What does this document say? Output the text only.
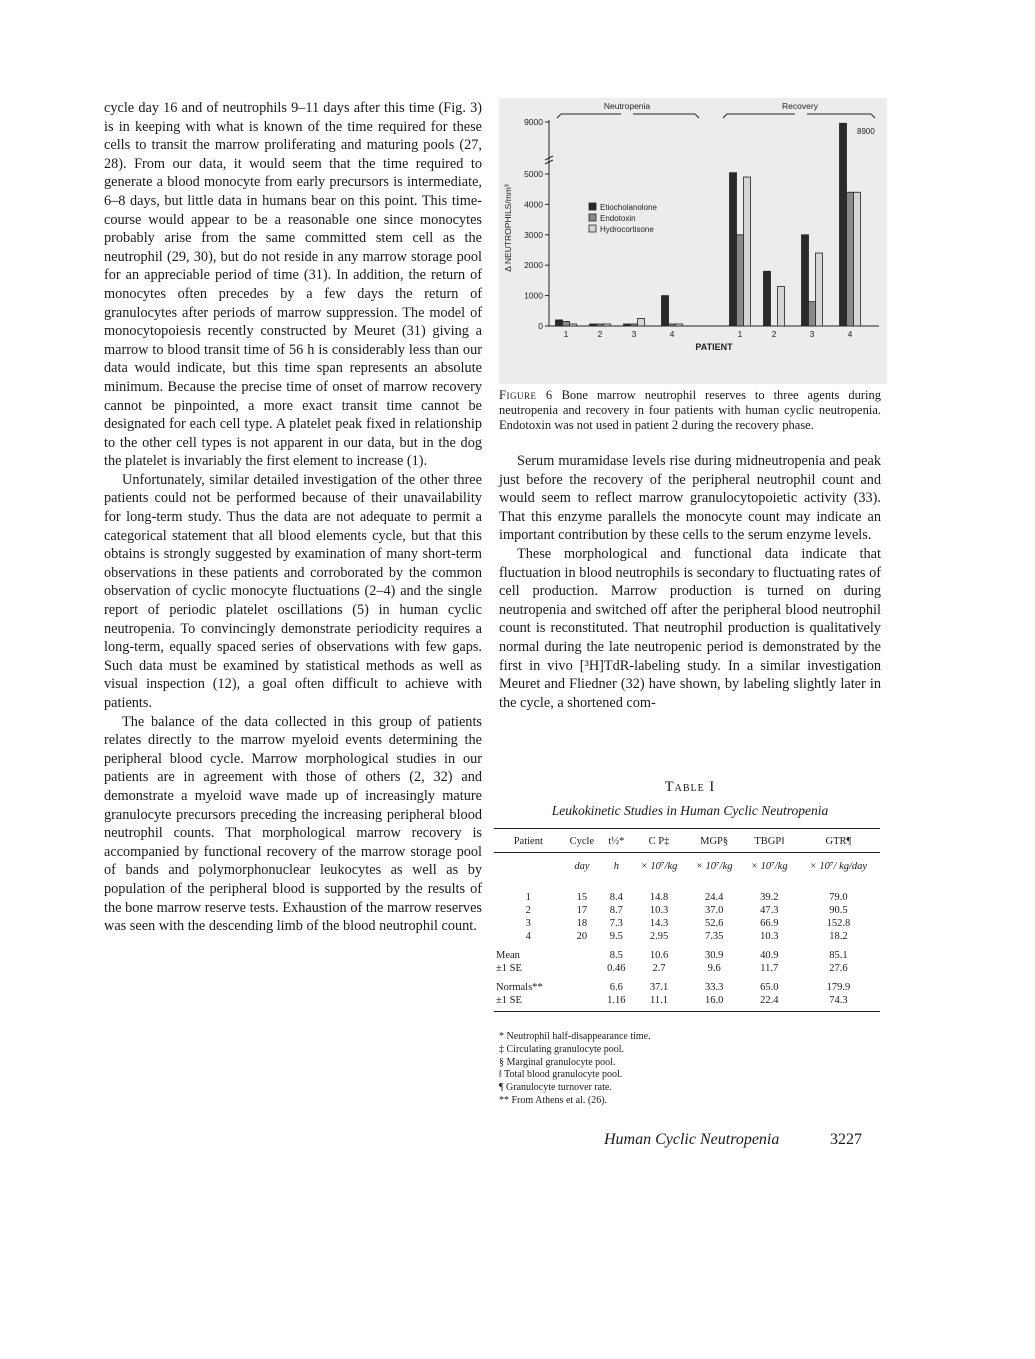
cycle day 16 and of neutrophils 9–11 days after this time (Fig. 3) is in keeping with what is known of the time required for these cells to transit the marrow proliferating and maturing pools (27, 28). From our data, it would seem that the time required to generate a blood monocyte from early precursors is intermediate, 6–8 days, but little data in humans bear on this point. This time-course would appear to be a reasonable one since monocytes probably arise from the same committed stem cell as the neutrophil (29, 30), but do not reside in any marrow storage pool for an appreciable period of time (31). In addition, the return of monocytes often precedes by a few days the return of granulocytes after periods of marrow suppression. The model of monocytopoiesis recently constructed by Meuret (31) giving a marrow to blood transit time of 56 h is considerably less than our data would indicate, but this time span represents an absolute minimum. Because the precise time of onset of marrow recovery cannot be pinpointed, a more exact transit time cannot be designated for each cell type. A platelet peak fixed in relationship to the other cell types is not apparent in our data, but in the dog the platelet is invariably the first element to increase (1).

Unfortunately, similar detailed investigation of the other three patients could not be performed because of their unavailability for long-term study. Thus the data are not adequate to permit a categorical statement that all blood elements cycle, but that this obtains is strongly suggested by examination of many short-term observations in these patients and corroborated by the common observation of cyclic monocyte fluctuations (2–4) and the single report of periodic platelet oscillations (5) in human cyclic neutropenia. To convincingly demonstrate periodicity requires a long-term, equally spaced series of observations with few gaps. Such data must be examined by statistical methods as well as visual inspection (12), a goal often difficult to achieve with patients.

The balance of the data collected in this group of patients relates directly to the marrow myeloid events determining the peripheral blood cycle. Marrow morphological studies in our patients are in agreement with those of others (2, 32) and demonstrate a myeloid wave made up of increasingly mature granulocyte precursors preceding the increasing peripheral blood neutrophil counts. That morphological marrow recovery is accompanied by functional recovery of the marrow storage pool of bands and polymorphonuclear leukocytes as well as by population of the peripheral blood is supported by the results of the bone marrow reserve tests. Exhaustion of the marrow reserves was seen with the descending limb of the blood neutrophil count.

0
1000
2000
3000
4000
5000
9000
Δ NEUTROPHILS/mm³
Neutropenia	Recovery
8900
1	2	3	4	1	2	3	4
PATIENT
Etiocholanolone
Endotoxin
Hydrocortisone
Figure 6 Bone marrow neutrophil reserves to three agents during neutropenia and recovery in four patients with human cyclic neutropenia. Endotoxin was not used in patient 2 during the recovery phase.

Serum muramidase levels rise during midneutropenia and peak just before the recovery of the peripheral neutrophil count and would seem to reflect marrow granulocytopoietic activity (33). That this enzyme parallels the monocyte count may indicate an important contribution by these cells to the serum enzyme levels.

These morphological and functional data indicate that fluctuation in blood neutrophils is secondary to fluctuating rates of cell production. Marrow production is turned on during neutropenia and switched off after the peripheral blood neutrophil count is reconstituted. That neutrophil production is qualitatively normal during the late neutropenic period is demonstrated by the first in vivo [³H]TdR-labeling study. In a similar investigation Meuret and Fliedner (32) have shown, by labeling slightly later in the cycle, a shortened com-

Table I
Leukokinetic Studies in Human Cyclic Neutropenia
Patient	Cycle	t½*	C P‡	MGP§	TBGP‖	GTR¶
	day	h	× 10⁷/kg	× 10⁷/kg	× 10⁷/kg	× 10⁷/ kg/day
1	15	8.4	14.8	24.4	39.2	79.0
2	17	8.7	10.3	37.0	47.3	90.5
3	18	7.3	14.3	52.6	66.9	152.8
4	20	9.5	2.95	7.35	10.3	18.2
Mean		8.5	10.6	30.9	40.9	85.1
±1 SE		0.46	2.7	9.6	11.7	27.6
Normals**		6.6	37.1	33.3	65.0	179.9
±1 SE		1.16	11.1	16.0	22.4	74.3
* Neutrophil half-disappearance time.
‡ Circulating granulocyte pool.
§ Marginal granulocyte pool.
‖ Total blood granulocyte pool.
¶ Granulocyte turnover rate.
** From Athens et al. (26).
Human Cyclic Neutropenia	3227
